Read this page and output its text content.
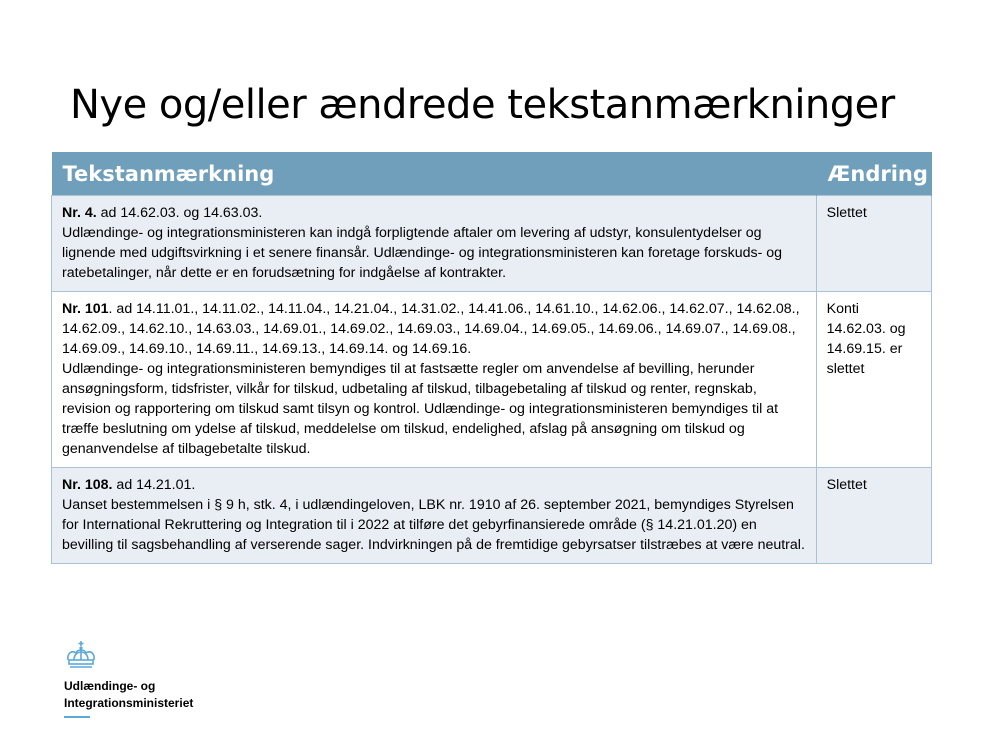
Nye og/eller ændrede tekstanmærkninger
Tekstanmærkning	Ændring
Nr. 4. ad 14.62.03. og 14.63.03.
Udlændinge- og integrationsministeren kan indgå forpligtende aftaler om levering af udstyr, konsulentydelser og lignende med udgiftsvirkning i et senere finansår. Udlændinge- og integrationsministeren kan foretage forskuds- og ratebetalinger, når dette er en forudsætning for indgåelse af kontrakter.	Slettet
Nr. 101. ad 14.11.01., 14.11.02., 14.11.04., 14.21.04., 14.31.02., 14.41.06., 14.61.10., 14.62.06., 14.62.07., 14.62.08., 14.62.09., 14.62.10., 14.63.03., 14.69.01., 14.69.02., 14.69.03., 14.69.04., 14.69.05., 14.69.06., 14.69.07., 14.69.08., 14.69.09., 14.69.10., 14.69.11., 14.69.13., 14.69.14. og 14.69.16.
Udlændinge- og integrationsministeren bemyndiges til at fastsætte regler om anvendelse af bevilling, herunder ansøgningsform, tidsfrister, vilkår for tilskud, udbetaling af tilskud, tilbagebetaling af tilskud og renter, regnskab, revision og rapportering om tilskud samt tilsyn og kontrol. Udlændinge- og integrationsministeren bemyndiges til at træffe beslutning om ydelse af tilskud, meddelelse om tilskud, endelighed, afslag på ansøgning om tilskud og genanvendelse af tilbagebetalte tilskud.	Konti 14.62.03. og 14.69.15. er slettet
Nr. 108. ad 14.21.01.
Uanset bestemmelsen i § 9 h, stk. 4, i udlændingeloven, LBK nr. 1910 af 26. september 2021, bemyndiges Styrelsen for International Rekruttering og Integration til i 2022 at tilføre det gebyrfinansierede område (§ 14.21.01.20) en bevilling til sagsbehandling af verserende sager. Indvirkningen på de fremtidige gebyrsatser tilstræbes at være neutral.	Slettet
Udlændinge- og
Integrationsministeriet
